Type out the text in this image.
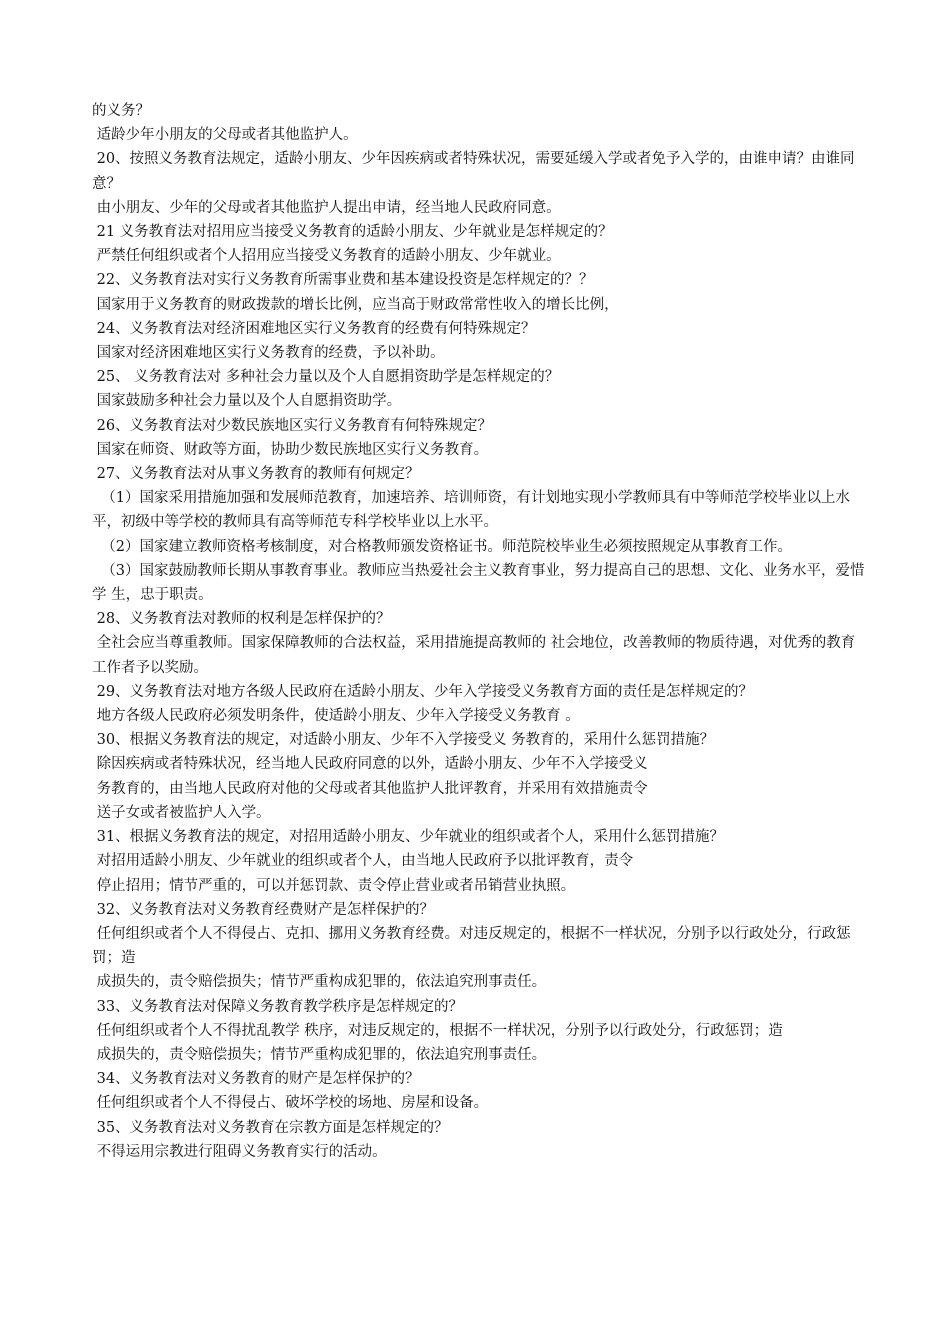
的义务？

适龄少年小朋友的父母或者其他监护人。

20、按照义务教育法规定，适龄小朋友、少年因疾病或者特殊状况，需要延缓入学或者免予入学的，由谁申请？由谁同意？

由小朋友、少年的父母或者其他监护人提出申请，经当地人民政府同意。

21 义务教育法对招用应当接受义务教育的适龄小朋友、少年就业是怎样规定的？

严禁任何组织或者个人招用应当接受义务教育的适龄小朋友、少年就业。

22、义务教育法对实行义务教育所需事业费和基本建设投资是怎样规定的？？

国家用于义务教育的财政拨款的增长比例，应当高于财政常常性收入的增长比例，

24、义务教育法对经济困难地区实行义务教育的经费有何特殊规定？

国家对经济困难地区实行义务教育的经费，予以补助。

25、 义务教育法对 多种社会力量以及个人自愿捐资助学是怎样规定的？

国家鼓励多种社会力量以及个人自愿捐资助学。

26、义务教育法对少数民族地区实行义务教育有何特殊规定？

国家在师资、财政等方面，协助少数民族地区实行义务教育。

27、义务教育法对从事义务教育的教师有何规定？

（1）国家采用措施加强和发展师范教育，加速培养、培训师资，有计划地实现小学教师具有中等师范学校毕业以上水平，初级中等学校的教师具有高等师范专科学校毕业以上水平。

（2）国家建立教师资格考核制度，对合格教师颁发资格证书。师范院校毕业生必须按照规定从事教育工作。

（3）国家鼓励教师长期从事教育事业。教师应当热爱社会主义教育事业，努力提高自己的思想、文化、业务水平，爱惜学 生，忠于职责。

28、义务教育法对教师的权利是怎样保护的？

全社会应当尊重教师。国家保障教师的合法权益，采用措施提高教师的 社会地位，改善教师的物质待遇，对优秀的教育工作者予以奖励。

29、义务教育法对地方各级人民政府在适龄小朋友、少年入学接受义务教育方面的责任是怎样规定的？

地方各级人民政府必须发明条件，使适龄小朋友、少年入学接受义务教育 。

30、根据义务教育法的规定，对适龄小朋友、少年不入学接受义 务教育的，采用什么惩罚措施？

除因疾病或者特殊状况，经当地人民政府同意的以外，适龄小朋友、少年不入学接受义

务教育的，由当地人民政府对他的父母或者其他监护人批评教育，并采用有效措施责令

送子女或者被监护人入学。

31、根据义务教育法的规定，对招用适龄小朋友、少年就业的组织或者个人，采用什么惩罚措施？

对招用适龄小朋友、少年就业的组织或者个人，由当地人民政府予以批评教育，责令

停止招用；情节严重的，可以并惩罚款、责令停止营业或者吊销营业执照。

32、义务教育法对义务教育经费财产是怎样保护的？

任何组织或者个人不得侵占、克扣、挪用义务教育经费。对违反规定的，根据不一样状况，分别予以行政处分，行政惩罚；造

成损失的，责令赔偿损失；情节严重构成犯罪的，依法追究刑事责任。

33、义务教育法对保障义务教育教学秩序是怎样规定的？

任何组织或者个人不得扰乱教学 秩序，对违反规定的，根据不一样状况，分别予以行政处分，行政惩罚；造

成损失的，责令赔偿损失；情节严重构成犯罪的，依法追究刑事责任。

34、义务教育法对义务教育的财产是怎样保护的？

任何组织或者个人不得侵占、破坏学校的场地、房屋和设备。

35、义务教育法对义务教育在宗教方面是怎样规定的？

不得运用宗教进行阻碍义务教育实行的活动。
